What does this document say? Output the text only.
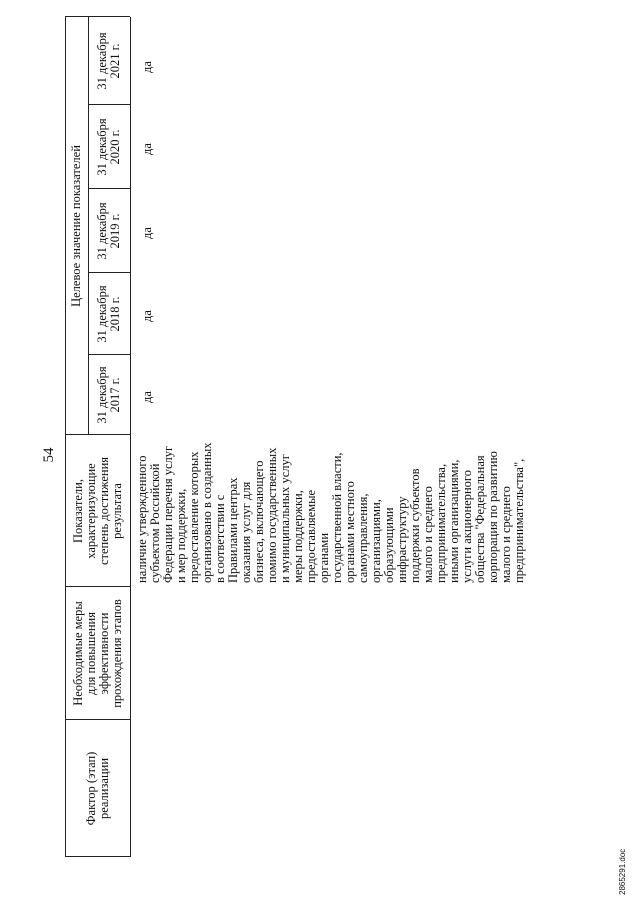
54
Фактор (этап) реализации
Необходимые меры
для повышения
эффективности
прохождения этапов
Показатели,
характеризующие
степень достижения
результата
Целевое значение показателей
31 декабря
2017 г.
31 декабря
2018 г.
31 декабря
2019 г.
31 декабря
2020 г.
31 декабря
2021 г.
наличие утвержденного
субъектом Российской
Федерации перечня услуг
и мер поддержки,
предоставление которых
организовано в созданных
в соответствии с
Правилами центрах
оказания услуг для
бизнеса, включающего
помимо государственных
и муниципальных услуг
меры поддержки,
предоставляемые
органами
государственной власти,
органами местного
самоуправления,
организациями,
образующими
инфраструктуру
поддержки субъектов
малого и среднего
предпринимательства,
иными организациями,
услуги акционерного
общества "Федеральная
корпорация по развитию
малого и среднего
предпринимательства",
да
да
да
да
да
2865291.doc
